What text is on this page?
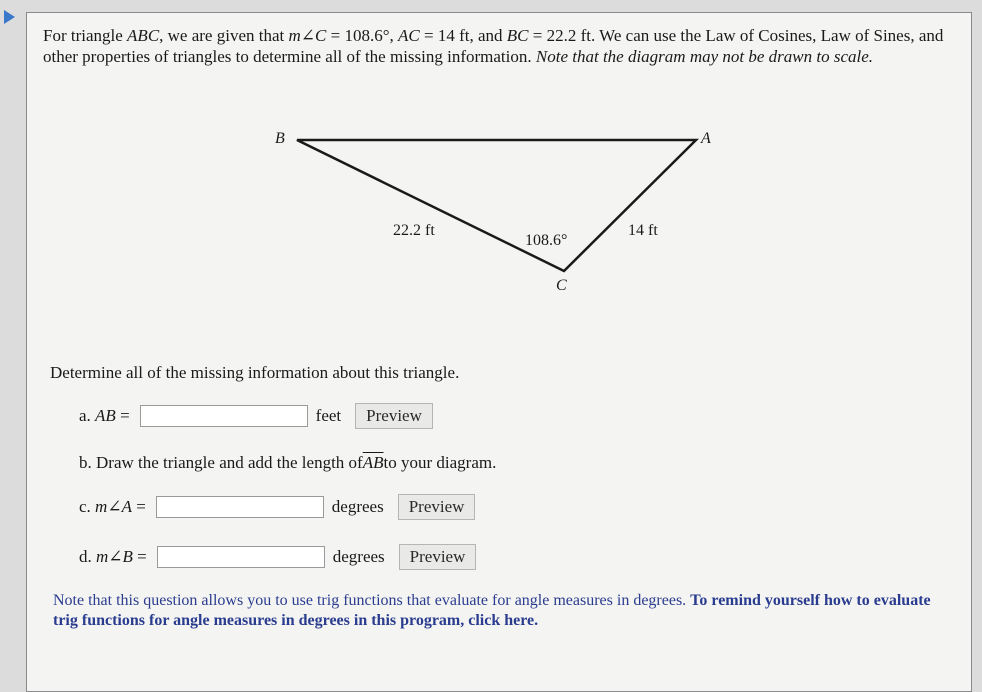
For triangle ABC, we are given that m∠C = 108.6°, AC = 14 ft, and BC = 22.2 ft. We can use the Law of Cosines, Law of Sines, and other properties of triangles to determine all of the missing information. Note that the diagram may not be drawn to scale.
B	A
C
22.2 ft	14 ft
108.6°
Determine all of the missing information about this triangle.
a. AB =	feet	Preview
b. Draw the triangle and add the length of $\overline{AB}$ to your diagram.
c. m∠A =	degrees	Preview
d. m∠B =	degrees	Preview
Note that this question allows you to use trig functions that evaluate for angle measures in degrees. To remind yourself how to evaluate trig functions for angle measures in degrees in this program, click here.
